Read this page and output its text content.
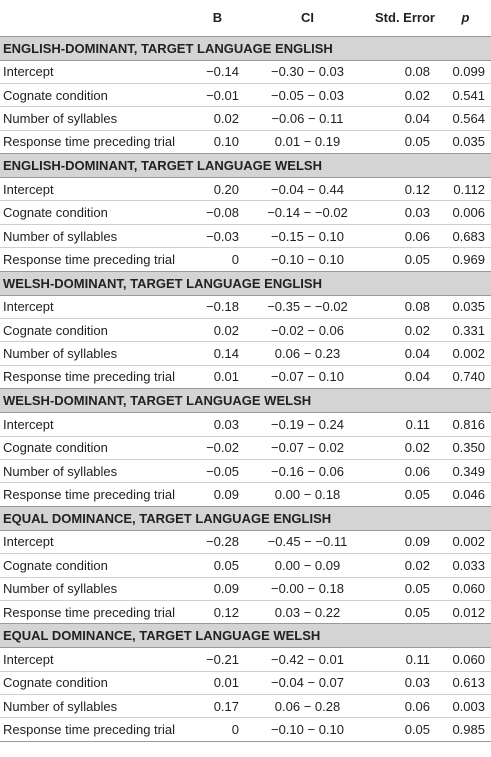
	B	CI	Std. Error	p
ENGLISH-DOMINANT, TARGET LANGUAGE ENGLISH				
Intercept	−0.14	−0.30 − 0.03	0.08	0.099
Cognate condition	−0.01	−0.05 − 0.03	0.02	0.541
Number of syllables	0.02	−0.06 − 0.11	0.04	0.564
Response time preceding trial	0.10	0.01 − 0.19	0.05	0.035
ENGLISH-DOMINANT, TARGET LANGUAGE WELSH				
Intercept	0.20	−0.04 − 0.44	0.12	0.112
Cognate condition	−0.08	−0.14 − −0.02	0.03	0.006
Number of syllables	−0.03	−0.15 − 0.10	0.06	0.683
Response time preceding trial	0	−0.10 − 0.10	0.05	0.969
WELSH-DOMINANT, TARGET LANGUAGE ENGLISH				
Intercept	−0.18	−0.35 − −0.02	0.08	0.035
Cognate condition	0.02	−0.02 − 0.06	0.02	0.331
Number of syllables	0.14	0.06 − 0.23	0.04	0.002
Response time preceding trial	0.01	−0.07 − 0.10	0.04	0.740
WELSH-DOMINANT, TARGET LANGUAGE WELSH				
Intercept	0.03	−0.19 − 0.24	0.11	0.816
Cognate condition	−0.02	−0.07 − 0.02	0.02	0.350
Number of syllables	−0.05	−0.16 − 0.06	0.06	0.349
Response time preceding trial	0.09	0.00 − 0.18	0.05	0.046
EQUAL DOMINANCE, TARGET LANGUAGE ENGLISH				
Intercept	−0.28	−0.45 − −0.11	0.09	0.002
Cognate condition	0.05	0.00 − 0.09	0.02	0.033
Number of syllables	0.09	−0.00 − 0.18	0.05	0.060
Response time preceding trial	0.12	0.03 − 0.22	0.05	0.012
EQUAL DOMINANCE, TARGET LANGUAGE WELSH				
Intercept	−0.21	−0.42 − 0.01	0.11	0.060
Cognate condition	0.01	−0.04 − 0.07	0.03	0.613
Number of syllables	0.17	0.06 − 0.28	0.06	0.003
Response time preceding trial	0	−0.10 − 0.10	0.05	0.985
